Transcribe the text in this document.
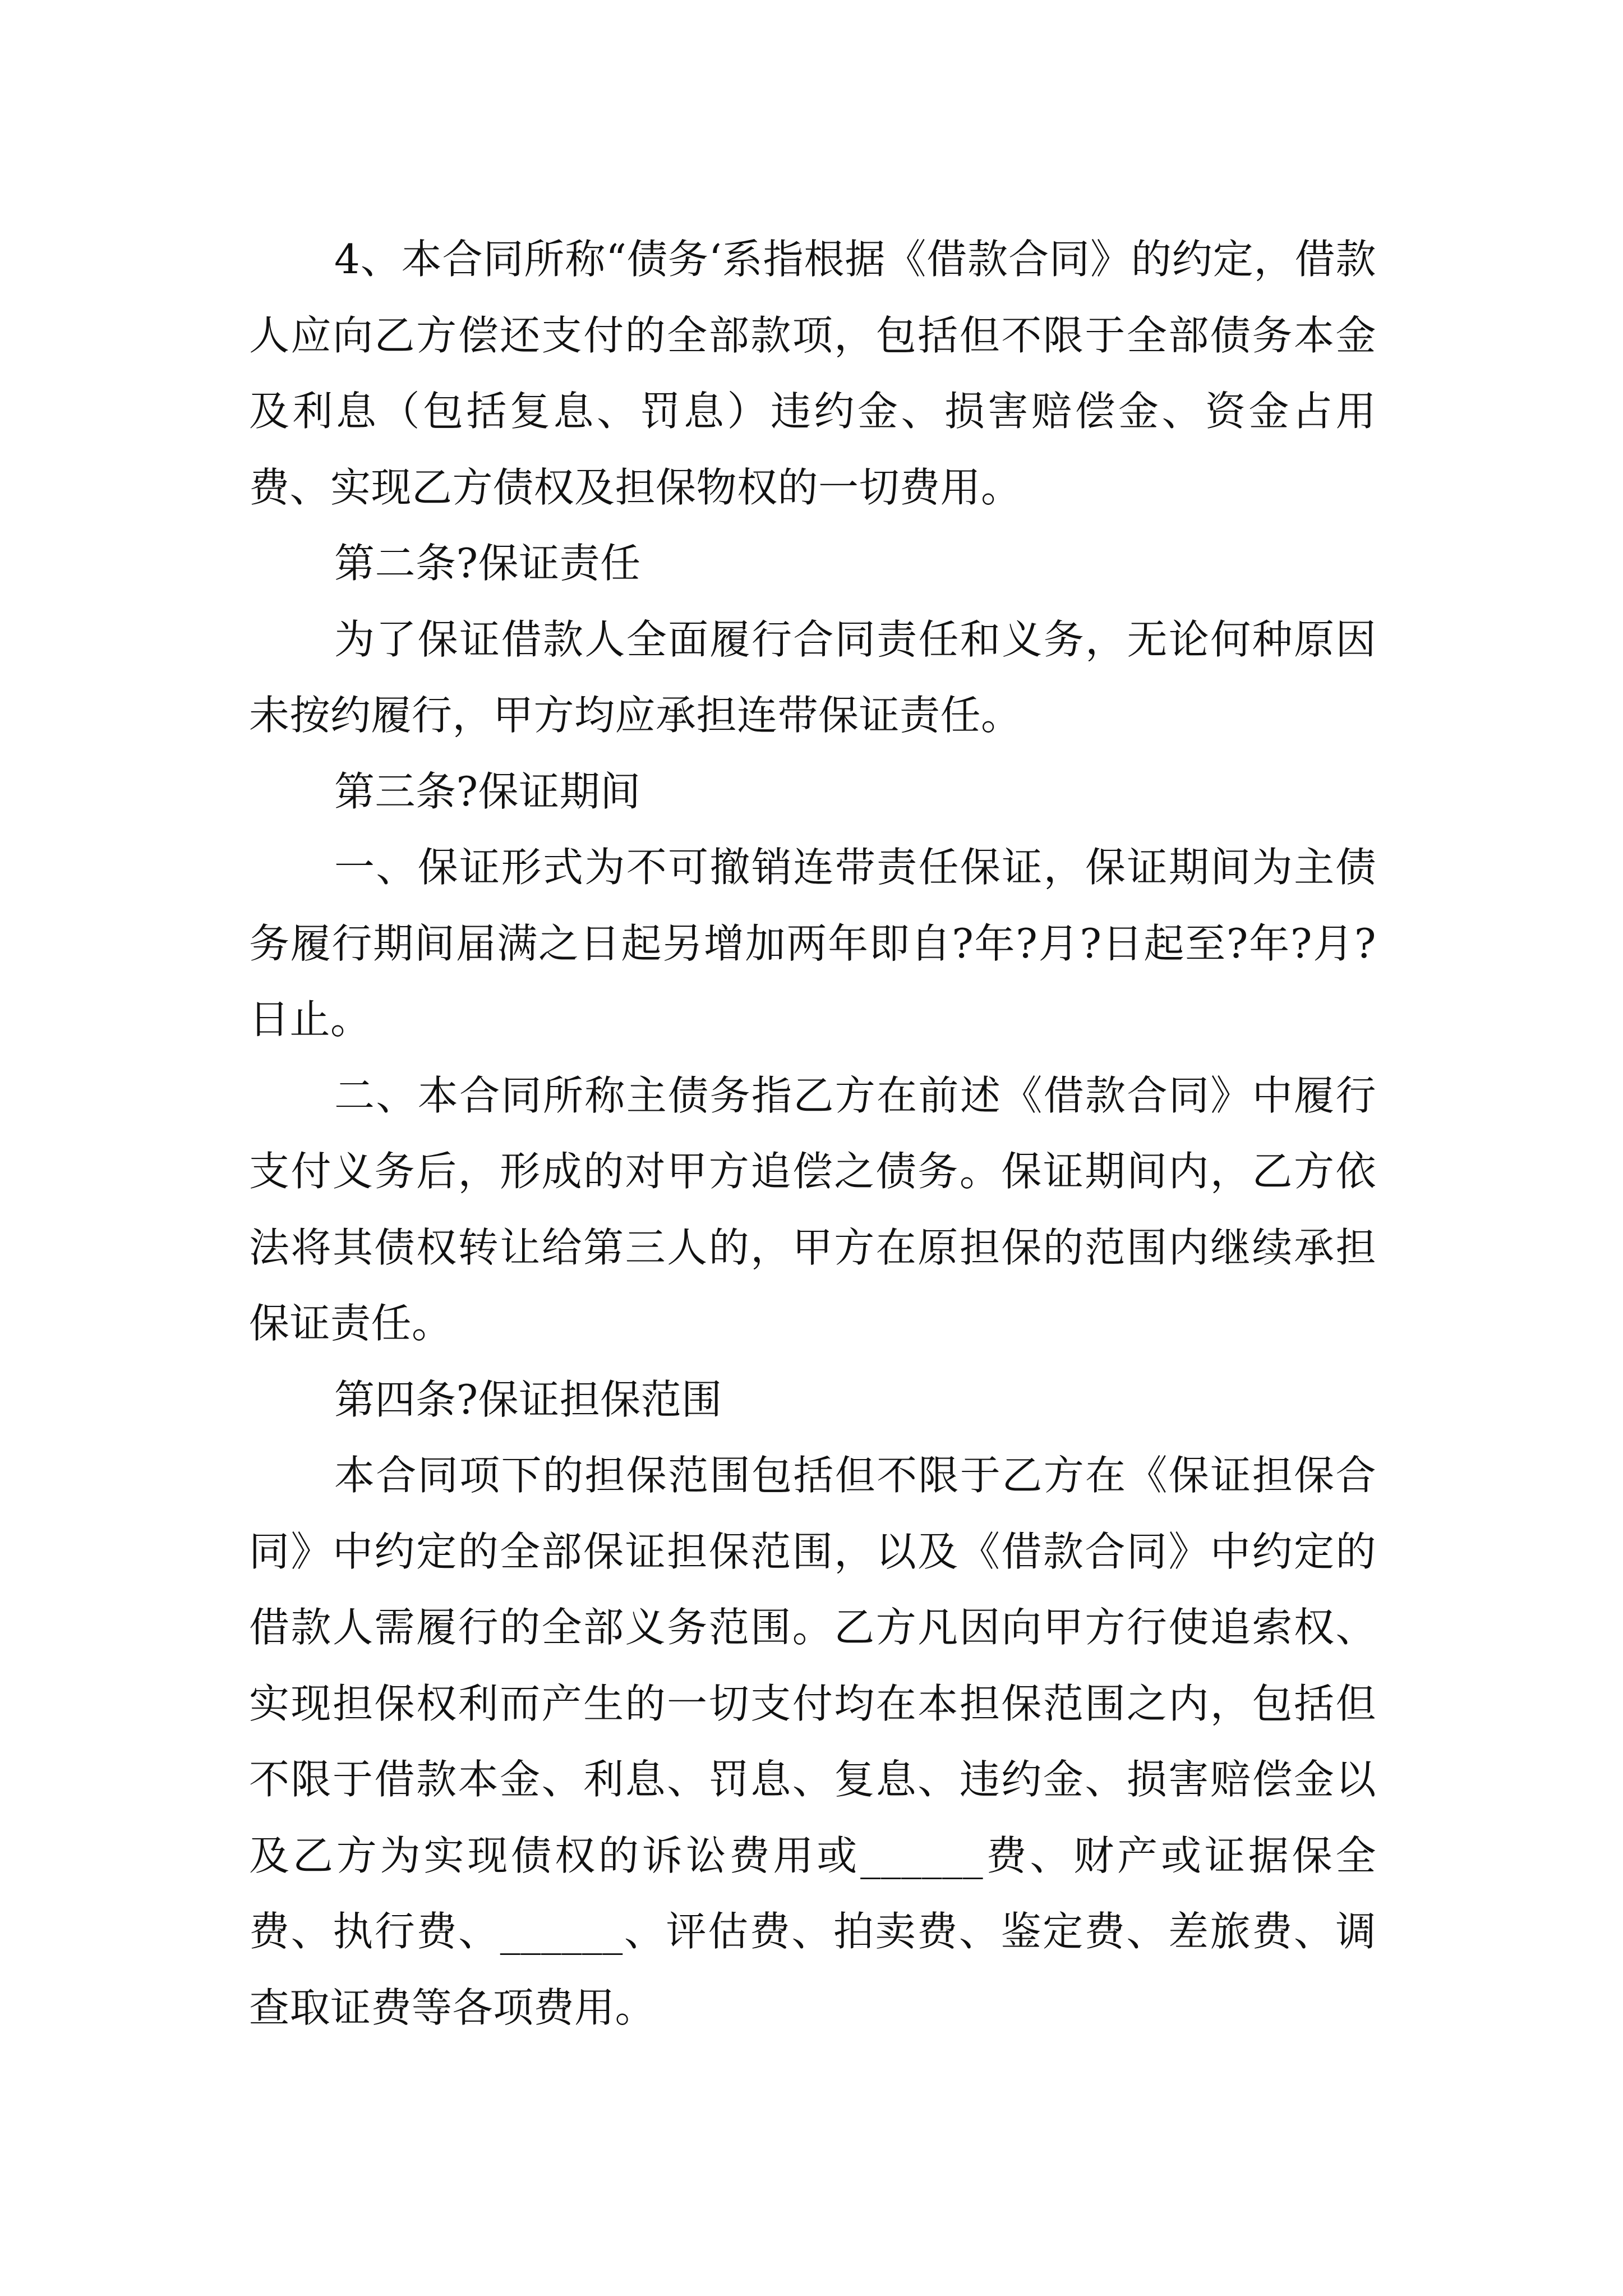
4、本合同所称“债务‘系指根据《借款合同》的约定，借款人应向乙方偿还支付的全部款项，包括但不限于全部债务本金及利息（包括复息、罚息）违约金、损害赔偿金、资金占用费、实现乙方债权及担保物权的一切费用。

第二条?保证责任

为了保证借款人全面履行合同责任和义务，无论何种原因未按约履行，甲方均应承担连带保证责任。

第三条?保证期间

一、保证形式为不可撤销连带责任保证，保证期间为主债务履行期间届满之日起另增加两年即自?年?月?日起至?年?月?日止。

二、本合同所称主债务指乙方在前述《借款合同》中履行支付义务后，形成的对甲方追偿之债务。保证期间内，乙方依法将其债权转让给第三人的，甲方在原担保的范围内继续承担保证责任。

第四条?保证担保范围

本合同项下的担保范围包括但不限于乙方在《保证担保合同》中约定的全部保证担保范围，以及《借款合同》中约定的借款人需履行的全部义务范围。乙方凡因向甲方行使追索权、实现担保权利而产生的一切支付均在本担保范围之内，包括但不限于借款本金、利息、罚息、复息、违约金、损害赔偿金以及乙方为实现债权的诉讼费用或______费、财产或证据保全费、执行费、______、评估费、拍卖费、鉴定费、差旅费、调查取证费等各项费用。
